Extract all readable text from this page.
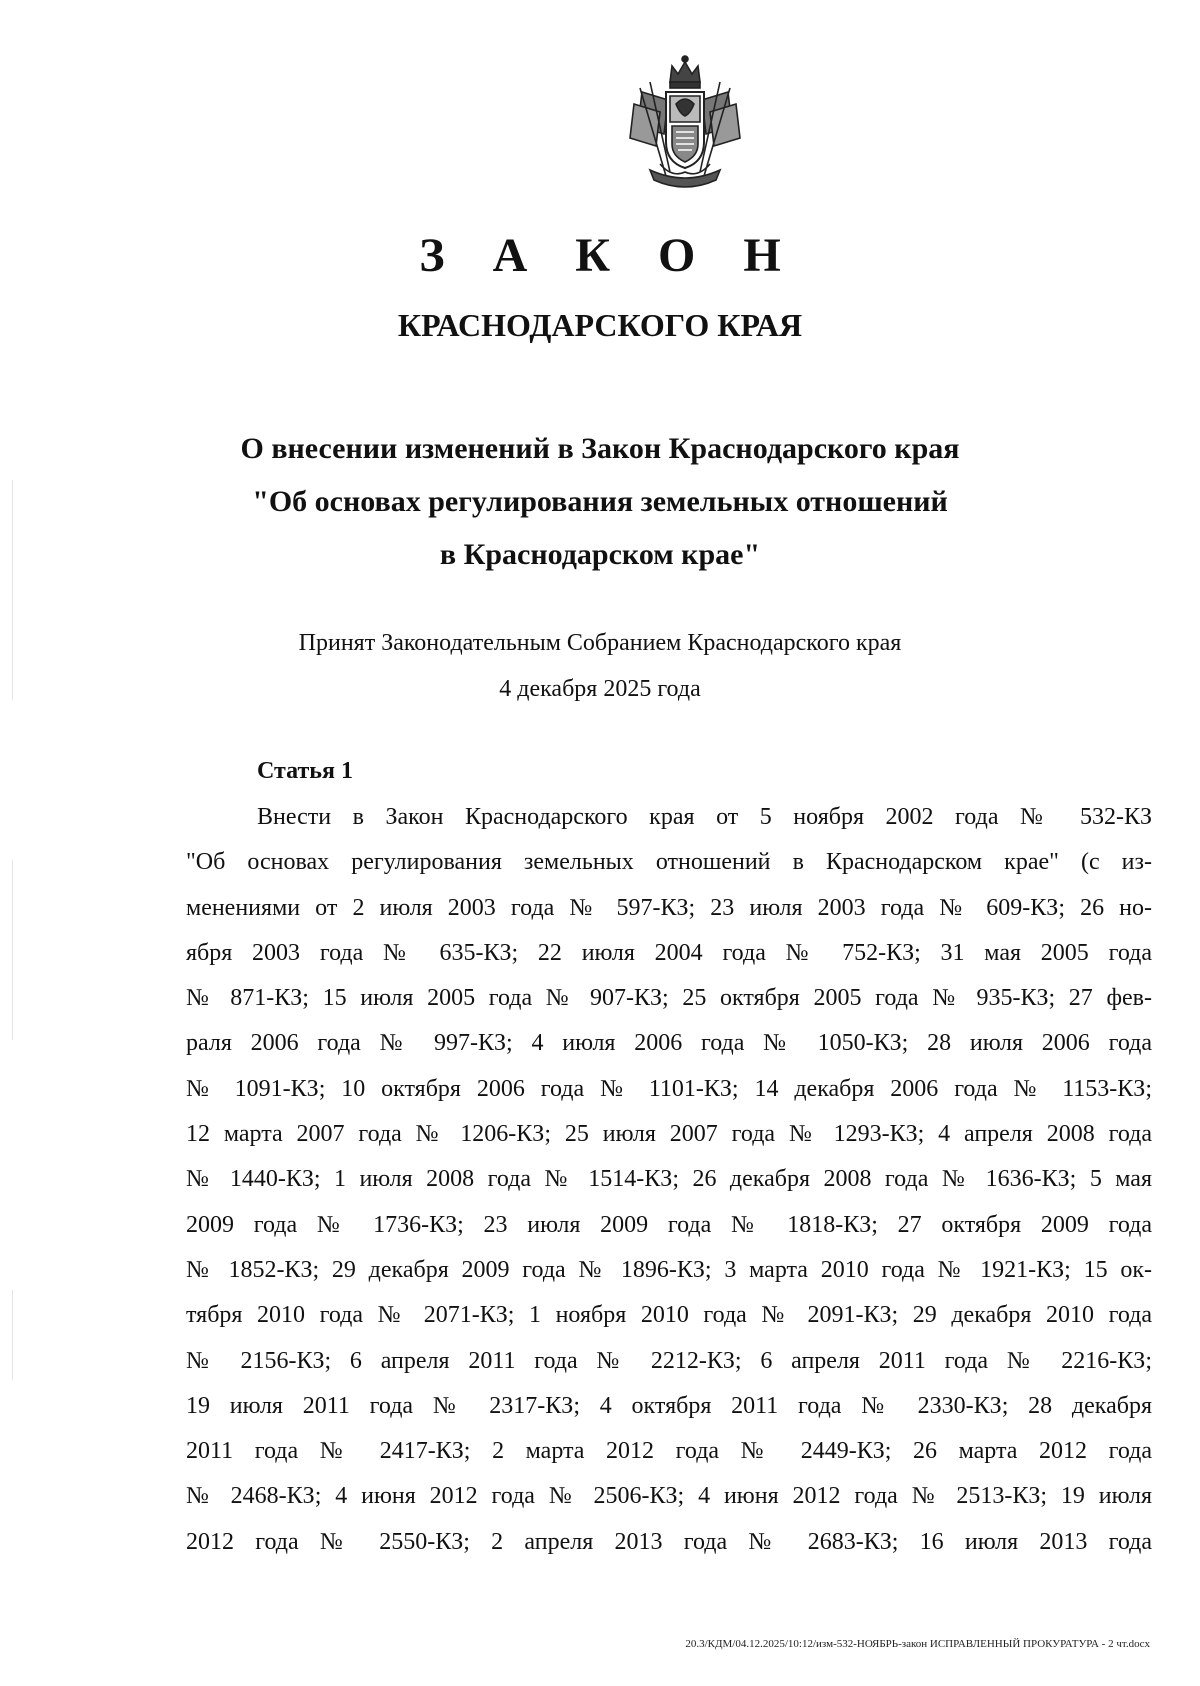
З А К О Н
КРАСНОДАРСКОГО КРАЯ
О внесении изменений в Закон Краснодарского края
"Об основах регулирования земельных отношений
в Краснодарском крае"
Принят Законодательным Собранием Краснодарского края
4 декабря 2025 года
Статья 1
Внести в Закон Краснодарского края от 5 ноября 2002 года № 532-КЗ
"Об основах регулирования земельных отношений в Краснодарском крае" (с из-
менениями от 2 июля 2003 года № 597-КЗ; 23 июля 2003 года № 609-КЗ; 26 но-
ября 2003 года № 635-КЗ; 22 июля 2004 года № 752-КЗ; 31 мая 2005 года
№ 871-КЗ; 15 июля 2005 года № 907-КЗ; 25 октября 2005 года № 935-КЗ; 27 фев-
раля 2006 года № 997-КЗ; 4 июля 2006 года № 1050-КЗ; 28 июля 2006 года
№ 1091-КЗ; 10 октября 2006 года № 1101-КЗ; 14 декабря 2006 года № 1153-КЗ;
12 марта 2007 года № 1206-КЗ; 25 июля 2007 года № 1293-КЗ; 4 апреля 2008 года
№ 1440-КЗ; 1 июля 2008 года № 1514-КЗ; 26 декабря 2008 года № 1636-КЗ; 5 мая
2009 года № 1736-КЗ; 23 июля 2009 года № 1818-КЗ; 27 октября 2009 года
№ 1852-КЗ; 29 декабря 2009 года № 1896-КЗ; 3 марта 2010 года № 1921-КЗ; 15 ок-
тября 2010 года № 2071-КЗ; 1 ноября 2010 года № 2091-КЗ; 29 декабря 2010 года
№ 2156-КЗ; 6 апреля 2011 года № 2212-КЗ; 6 апреля 2011 года № 2216-КЗ;
19 июля 2011 года № 2317-КЗ; 4 октября 2011 года № 2330-КЗ; 28 декабря
2011 года № 2417-КЗ; 2 марта 2012 года № 2449-КЗ; 26 марта 2012 года
№ 2468-КЗ; 4 июня 2012 года № 2506-КЗ; 4 июня 2012 года № 2513-КЗ; 19 июля
2012 года № 2550-КЗ; 2 апреля 2013 года № 2683-КЗ; 16 июля 2013 года
20.3/КДМ/04.12.2025/10:12/изм-532-НОЯБРЬ-закон ИСПРАВЛЕННЫЙ ПРОКУРАТУРА - 2 чт.docx
